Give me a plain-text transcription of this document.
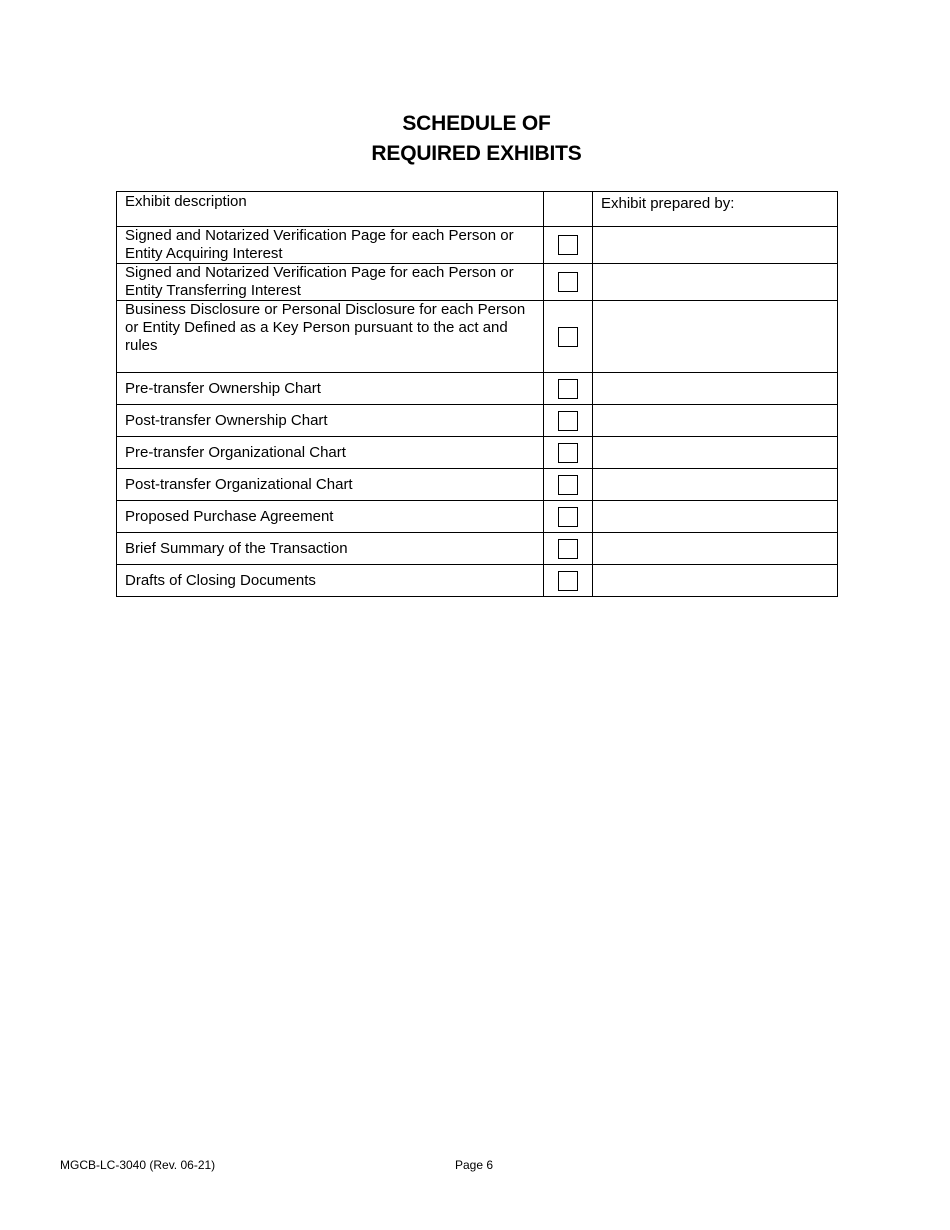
SCHEDULE OF
REQUIRED EXHIBITS
Exhibit description		Exhibit prepared by:
Signed and Notarized Verification Page for each Person or Entity Acquiring Interest		
Signed and Notarized Verification Page for each Person or Entity Transferring Interest		
Business Disclosure or Personal Disclosure for each Person or Entity Defined as a Key Person pursuant to the act and rules		
Pre-transfer Ownership Chart		
Post-transfer Ownership Chart		
Pre-transfer Organizational Chart		
Post-transfer Organizational Chart		
Proposed Purchase Agreement		
Brief Summary of the Transaction		
Drafts of Closing Documents		
MGCB-LC-3040 (Rev. 06-21)	Page 6
